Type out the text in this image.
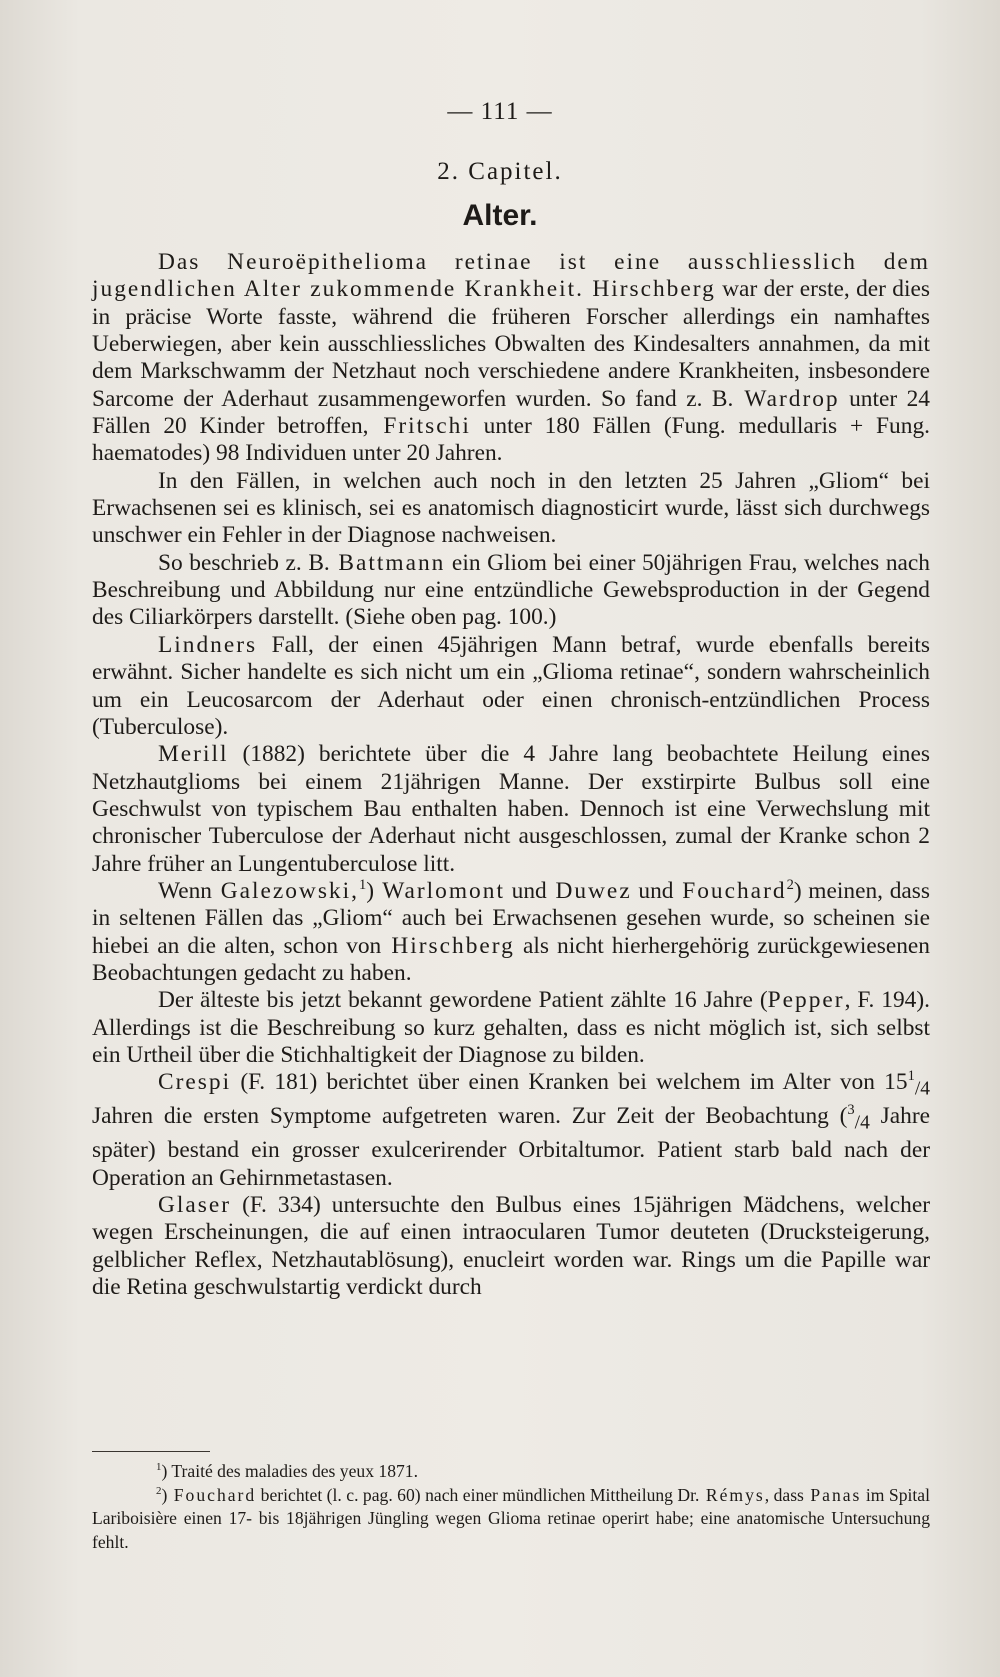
— 111 —
2. Capitel.
Alter.

Das Neuroëpithelioma retinae ist eine ausschliesslich dem jugendlichen Alter zukommende Krankheit. Hirschberg war der erste, der dies in präcise Worte fasste, während die früheren Forscher allerdings ein namhaftes Ueberwiegen, aber kein ausschliessliches Obwalten des Kindesalters annahmen, da mit dem Markschwamm der Netzhaut noch verschiedene andere Krankheiten, insbesondere Sarcome der Aderhaut zusammengeworfen wurden. So fand z. B. Wardrop unter 24 Fällen 20 Kinder betroffen, Fritschi unter 180 Fällen (Fung. medullaris + Fung. haematodes) 98 Individuen unter 20 Jahren.

In den Fällen, in welchen auch noch in den letzten 25 Jahren „Gliom“ bei Erwachsenen sei es klinisch, sei es anatomisch diagnosticirt wurde, lässt sich durchwegs unschwer ein Fehler in der Diagnose nachweisen.

So beschrieb z. B. Battmann ein Gliom bei einer 50jährigen Frau, welches nach Beschreibung und Abbildung nur eine entzündliche Gewebsproduction in der Gegend des Ciliarkörpers darstellt. (Siehe oben pag. 100.)

Lindners Fall, der einen 45jährigen Mann betraf, wurde ebenfalls bereits erwähnt. Sicher handelte es sich nicht um ein „Glioma retinae“, sondern wahrscheinlich um ein Leucosarcom der Aderhaut oder einen chronisch-entzündlichen Process (Tuberculose).

Merill (1882) berichtete über die 4 Jahre lang beobachtete Heilung eines Netzhautglioms bei einem 21jährigen Manne. Der exstirpirte Bulbus soll eine Geschwulst von typischem Bau enthalten haben. Dennoch ist eine Verwechslung mit chronischer Tuberculose der Aderhaut nicht ausgeschlossen, zumal der Kranke schon 2 Jahre früher an Lungentuberculose litt.

Wenn Galezowski,$^1$) Warlomont und Duwez und Fouchard$^2$) meinen, dass in seltenen Fällen das „Gliom“ auch bei Erwachsenen gesehen wurde, so scheinen sie hiebei an die alten, schon von Hirschberg als nicht hierhergehörig zurückgewiesenen Beobachtungen gedacht zu haben.

Der älteste bis jetzt bekannt gewordene Patient zählte 16 Jahre (Pepper, F. 194). Allerdings ist die Beschreibung so kurz gehalten, dass es nicht möglich ist, sich selbst ein Urtheil über die Stichhaltigkeit der Diagnose zu bilden.

Crespi (F. 181) berichtet über einen Kranken bei welchem im Alter von $15^1_{/4}$ Jahren die ersten Symptome aufgetreten waren. Zur Zeit der Beobachtung ($^3_{/4}$ Jahre später) bestand ein grosser exulcerirender Orbitaltumor. Patient starb bald nach der Operation an Gehirnmetastasen.

Glaser (F. 334) untersuchte den Bulbus eines 15jährigen Mädchens, welcher wegen Erscheinungen, die auf einen intraocularen Tumor deuteten (Drucksteigerung, gelblicher Reflex, Netzhautablösung), enucleirt worden war. Rings um die Papille war die Retina geschwulstartig verdickt durch

$^1$) Traité des maladies des yeux 1871.

$^2$) Fouchard berichtet (l. c. pag. 60) nach einer mündlichen Mittheilung Dr. Rémys, dass Panas im Spital Lariboisière einen 17- bis 18jährigen Jüngling wegen Glioma retinae operirt habe; eine anatomische Untersuchung fehlt.
